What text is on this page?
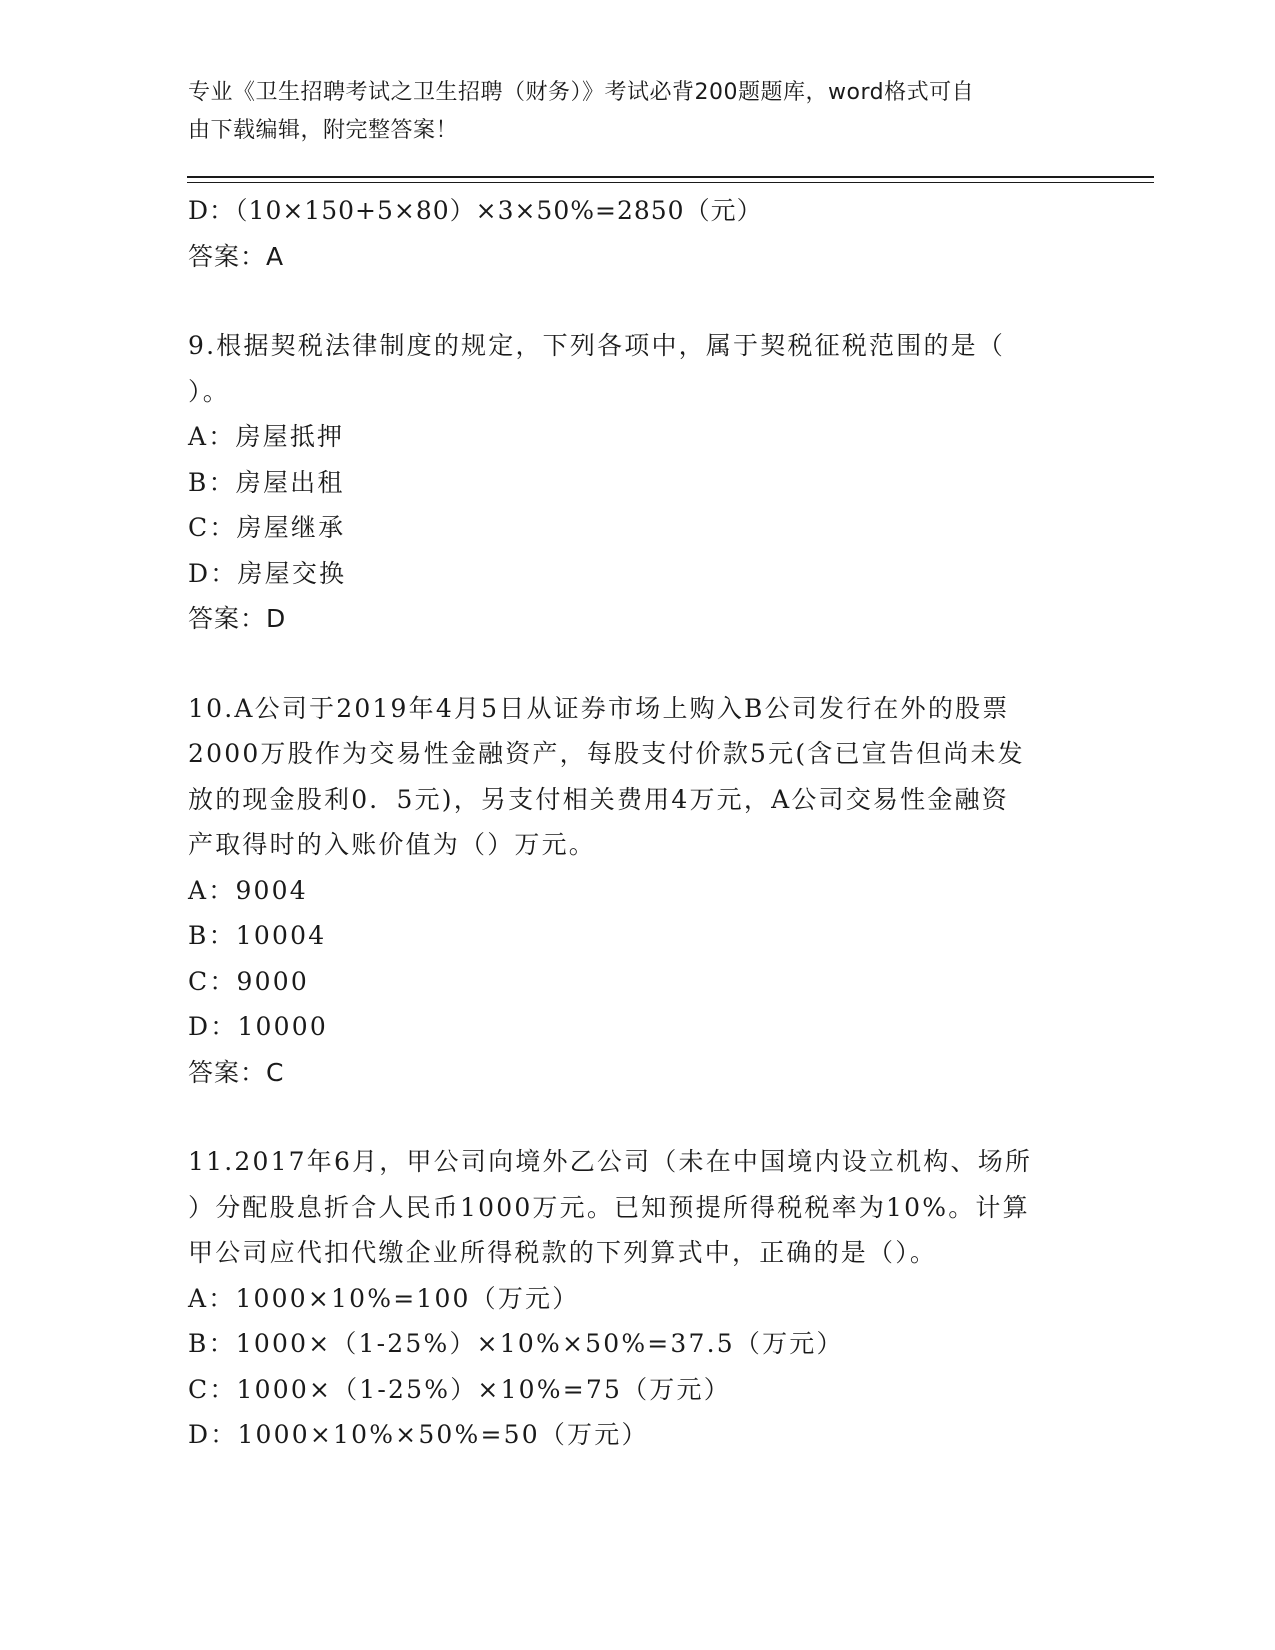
专业《卫生招聘考试之卫生招聘（财务）》考试必背200题题库，word格式可自
由下载编辑，附完整答案！
D：（10×150+5×80）×3×50%=2850（元）
答案：A
9.根据契税法律制度的规定，下列各项中，属于契税征税范围的是（
）。
A：房屋抵押
B：房屋出租
C：房屋继承
D：房屋交换
答案：D
10.A公司于2019年4月5日从证券市场上购入B公司发行在外的股票
2000万股作为交易性金融资产，每股支付价款5元(含已宣告但尚未发
放的现金股利0．5元)，另支付相关费用4万元，A公司交易性金融资
产取得时的入账价值为（）万元。
A：9004
B：10004
C：9000
D：10000
答案：C
11.2017年6月，甲公司向境外乙公司（未在中国境内设立机构、场所
）分配股息折合人民币1000万元。已知预提所得税税率为10%。计算
甲公司应代扣代缴企业所得税款的下列算式中，正确的是（）。
A：1000×10%=100（万元）
B：1000×（1-25%）×10%×50%=37.5（万元）
C：1000×（1-25%）×10%=75（万元）
D：1000×10%×50%=50（万元）
